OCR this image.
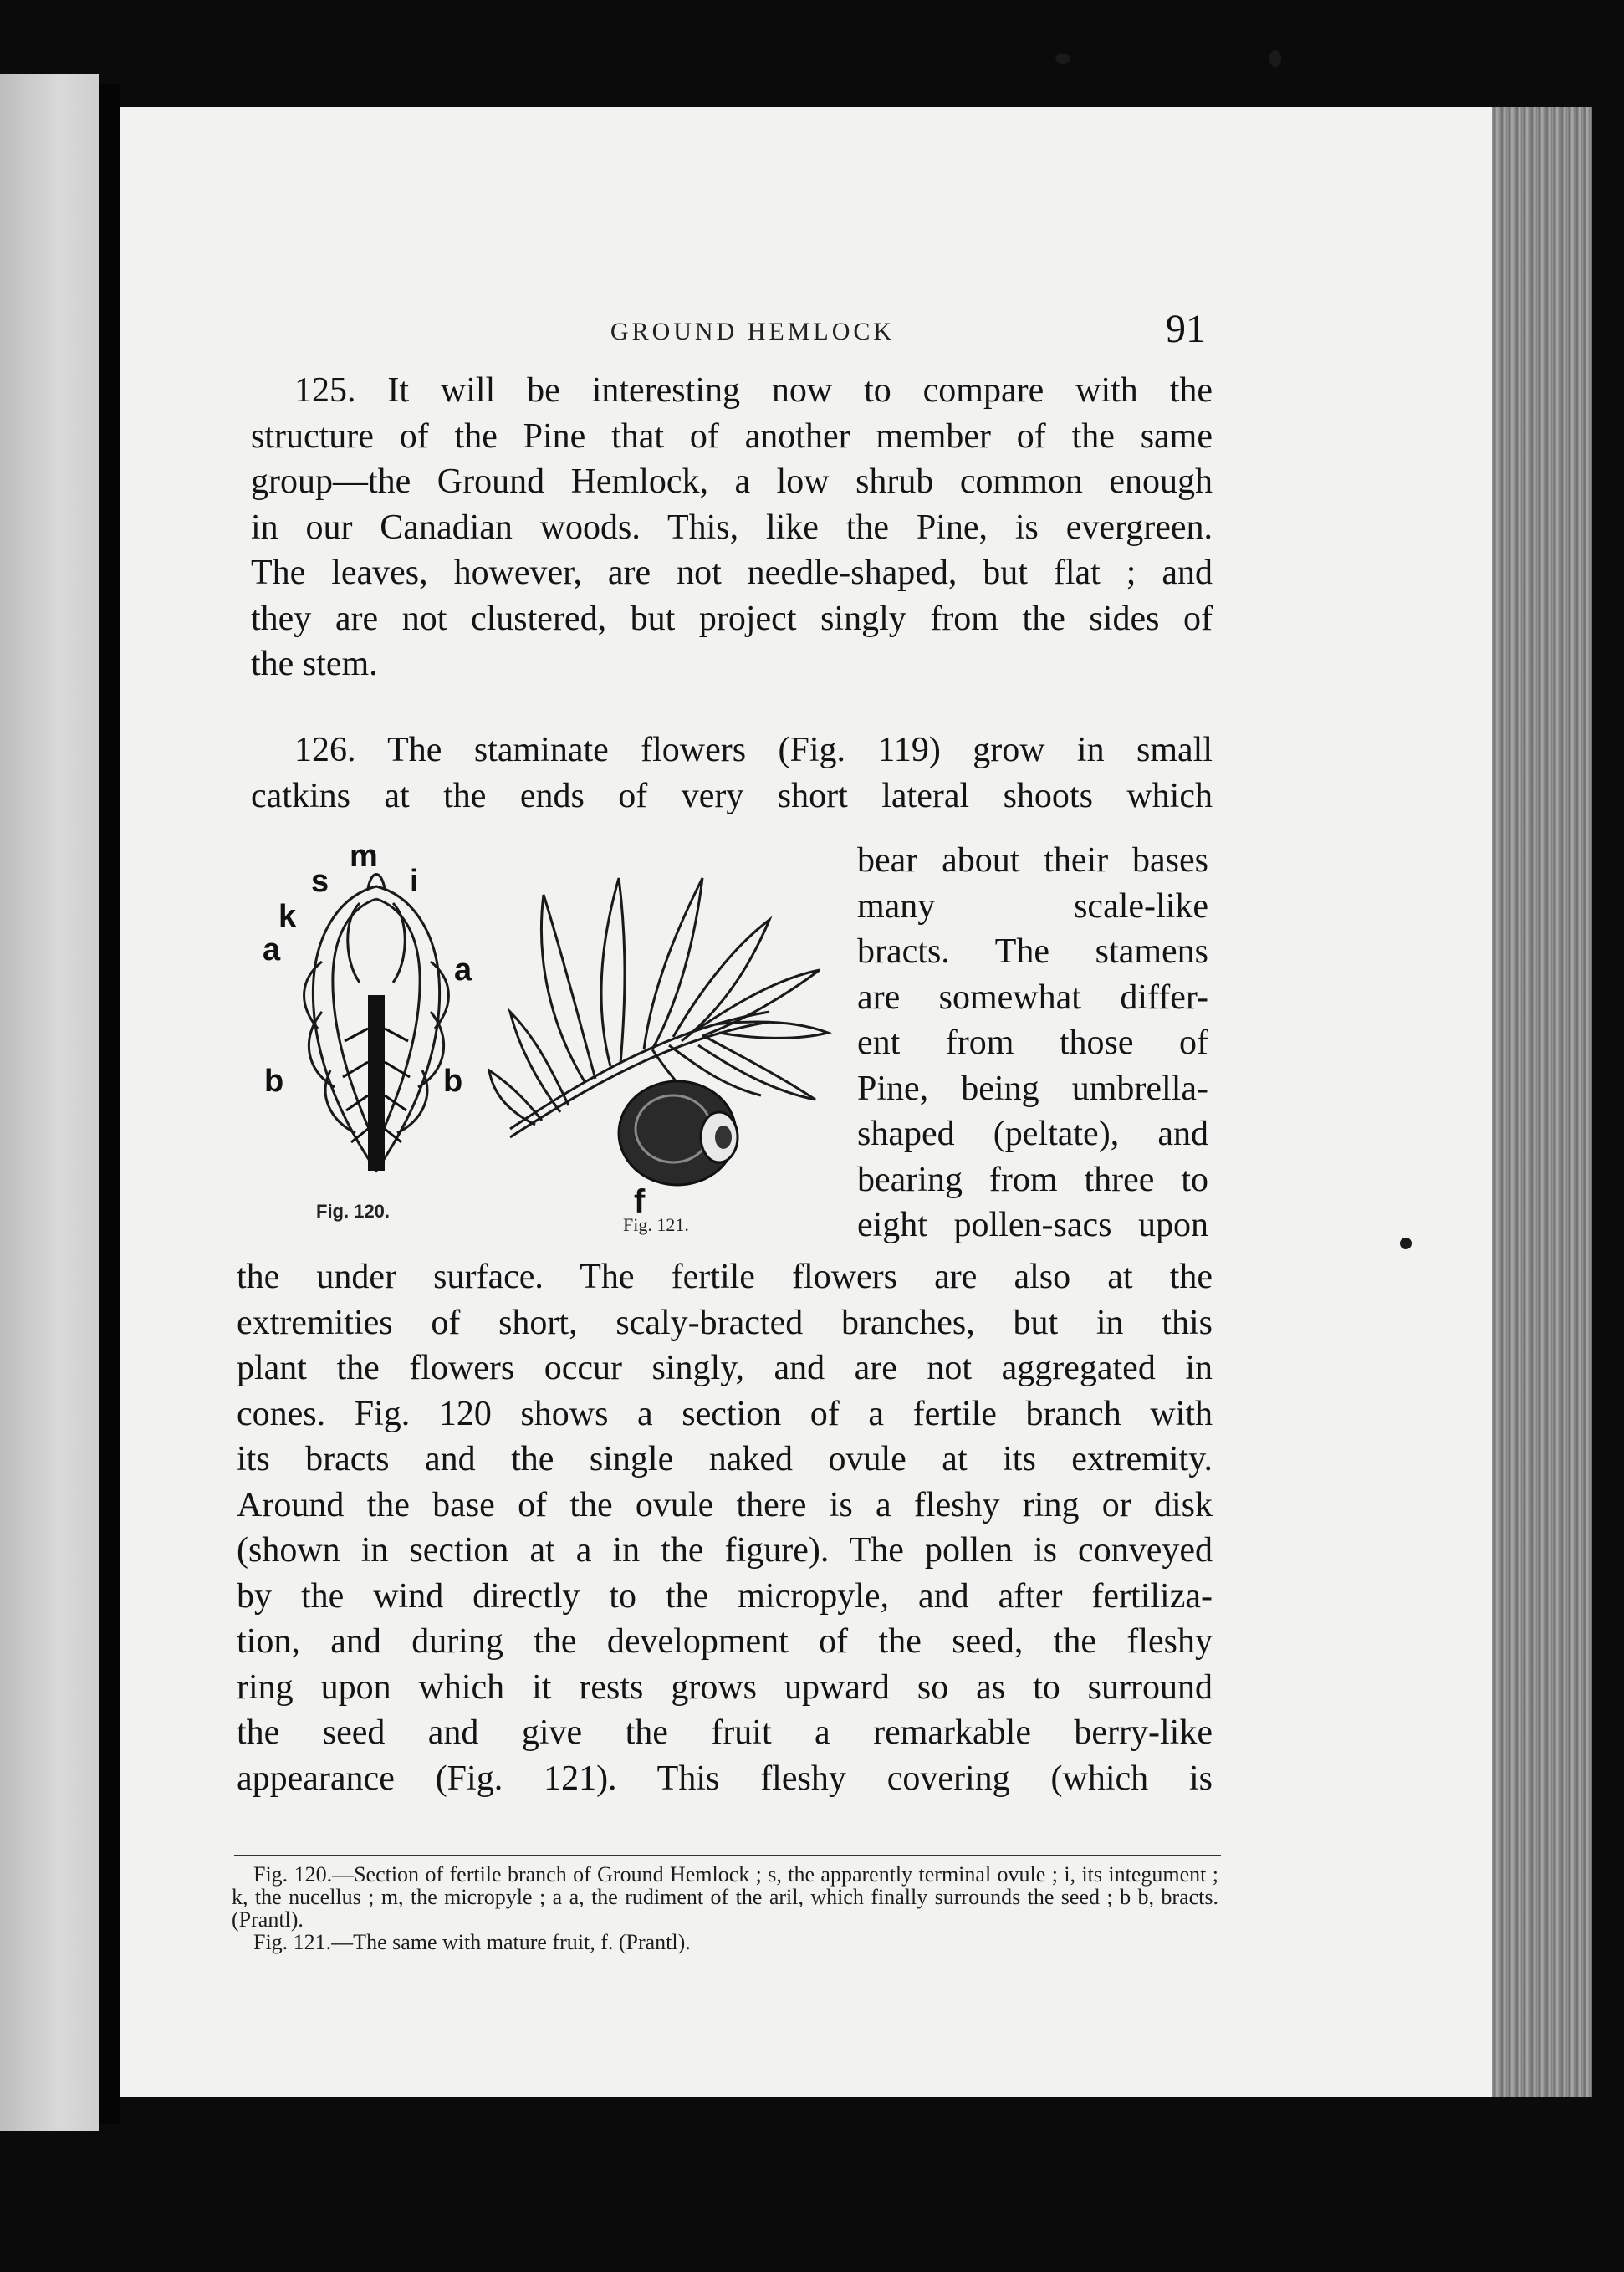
GROUND HEMLOCK	91
125. It will be interesting now to compare with the
structure of the Pine that of another member of the same
group—the Ground Hemlock, a low shrub common enough
in our Canadian woods. This, like the Pine, is evergreen.
The leaves, however, are not needle-shaped, but flat ; and
they are not clustered, but project singly from the sides of
the stem.
126. The staminate flowers (Fig. 119) grow in small
catkins at the ends of very short lateral shoots which
bear about their bases
many scale-like
bracts. The stamens
are somewhat differ-
ent from those of
Pine, being umbrella-
shaped (peltate), and
bearing from three to
eight pollen-sacs upon
m
s	i
k
a
a
b	b
Fig. 120.	f
Fig. 121.
the under surface. The fertile flowers are also at the
extremities of short, scaly-bracted branches, but in this
plant the flowers occur singly, and are not aggregated in
cones. Fig. 120 shows a section of a fertile branch with
its bracts and the single naked ovule at its extremity.
Around the base of the ovule there is a fleshy ring or disk
(shown in section at a in the figure). The pollen is conveyed
by the wind directly to the micropyle, and after fertiliza-
tion, and during the development of the seed, the fleshy
ring upon which it rests grows upward so as to surround
the seed and give the fruit a remarkable berry-like
appearance (Fig. 121). This fleshy covering (which is
Fig. 120.—Section of fertile branch of Ground Hemlock ; s, the apparently terminal ovule ; i, its integument ; k, the nucellus ; m, the micropyle ; a a, the rudiment of the aril, which finally surrounds the seed ; b b, bracts. (Prantl).
Fig. 121.—The same with mature fruit, f. (Prantl).
